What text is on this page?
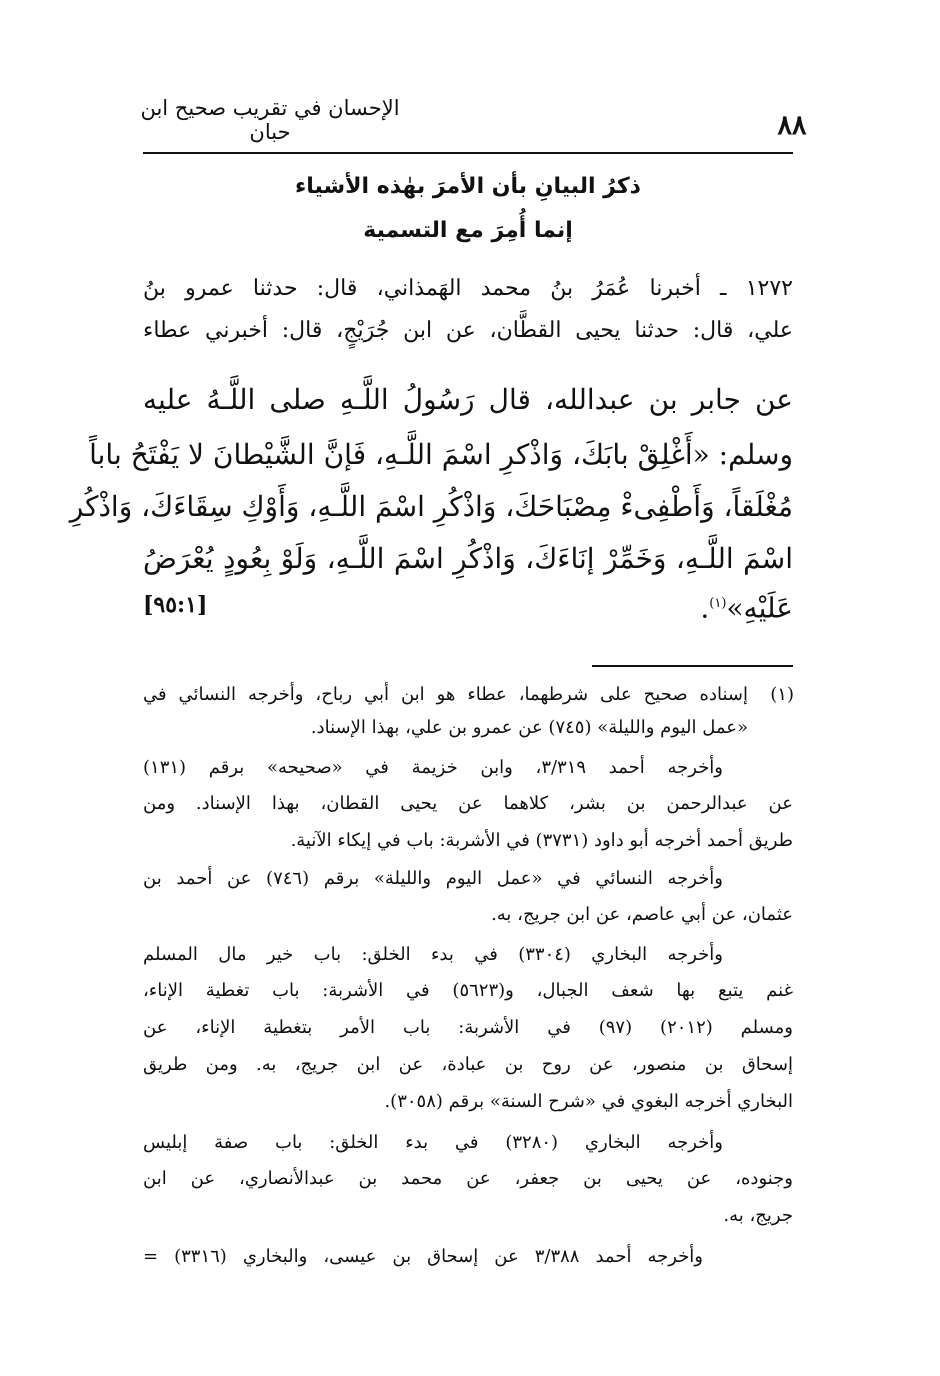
الإحسان في تقريب صحيح ابن حبان	٨٨
ذكرُ البيانِ بأن الأمرَ بهٰذه الأشياء
إنما أُمِرَ مع التسمية
١٢٧٢ ـ أخبرنا عُمَرُ بنُ محمد الهَمذاني، قال: حدثنا عمرو بنُ
علي، قال: حدثنا يحيى القطَّان، عن ابن جُرَيْجٍ، قال: أخبرني عطاء
عن جابر بن عبدالله، قال رَسُولُ اللَّـهِ صلى اللَّـهُ عليه
وسلم: «أَغْلِقْ بابَكَ، وَاذْكرِ اسْمَ اللَّـهِ، فَإنَّ الشَّيْطانَ لا يَفْتَحُ باباً
مُغْلَقاً، وَأَطْفِىءْ مِصْبَاحَكَ، وَاذْكُرِ اسْمَ اللَّـهِ، وَأَوْكِ سِقَاءَكَ، وَاذْكُرِ
اسْمَ اللَّـهِ، وَخَمِّرْ إنَاءَكَ، وَاذْكُرِ اسْمَ اللَّـهِ، وَلَوْ بِعُودٍ يُعْرَضُ
عَلَيْهِ»$^{(١)}$.
[٩٥:١]
(١)
إسناده صحيح على شرطهما، عطاء هو ابن أبي رباح، وأخرجه النسائي في
«عمل اليوم والليلة» (٧٤٥) عن عمرو بن علي، بهذا الإسناد.
وأخرجه أحمد ٣/٣١٩، وابن خزيمة في «صحيحه» برقم (١٣١)
عن عبدالرحمن بن بشر، كلاهما عن يحيى القطان، بهذا الإسناد. ومن
طريق أحمد أخرجه أبو داود (٣٧٣١) في الأشربة: باب في إيكاء الآنية.
وأخرجه النسائي في «عمل اليوم والليلة» برقم (٧٤٦) عن أحمد بن
عثمان، عن أبي عاصم، عن ابن جريج، به.
وأخرجه البخاري (٣٣٠٤) في بدء الخلق: باب خير مال المسلم
غنم يتبع بها شعف الجبال، و(٥٦٢٣) في الأشربة: باب تغطية الإناء،
ومسلم (٢٠١٢) (٩٧) في الأشربة: باب الأمر بتغطية الإناء، عن
إسحاق بن منصور، عن روح بن عبادة، عن ابن جريج، به. ومن طريق
البخاري أخرجه البغوي في «شرح السنة» برقم (٣٠٥٨).
وأخرجه البخاري (٣٢٨٠) في بدء الخلق: باب صفة إبليس
وجنوده، عن يحيى بن جعفر، عن محمد بن عبدالأنصاري، عن ابن
جريج، به.
وأخرجه أحمد ٣/٣٨٨ عن إسحاق بن عيسى، والبخاري (٣٣١٦) =
